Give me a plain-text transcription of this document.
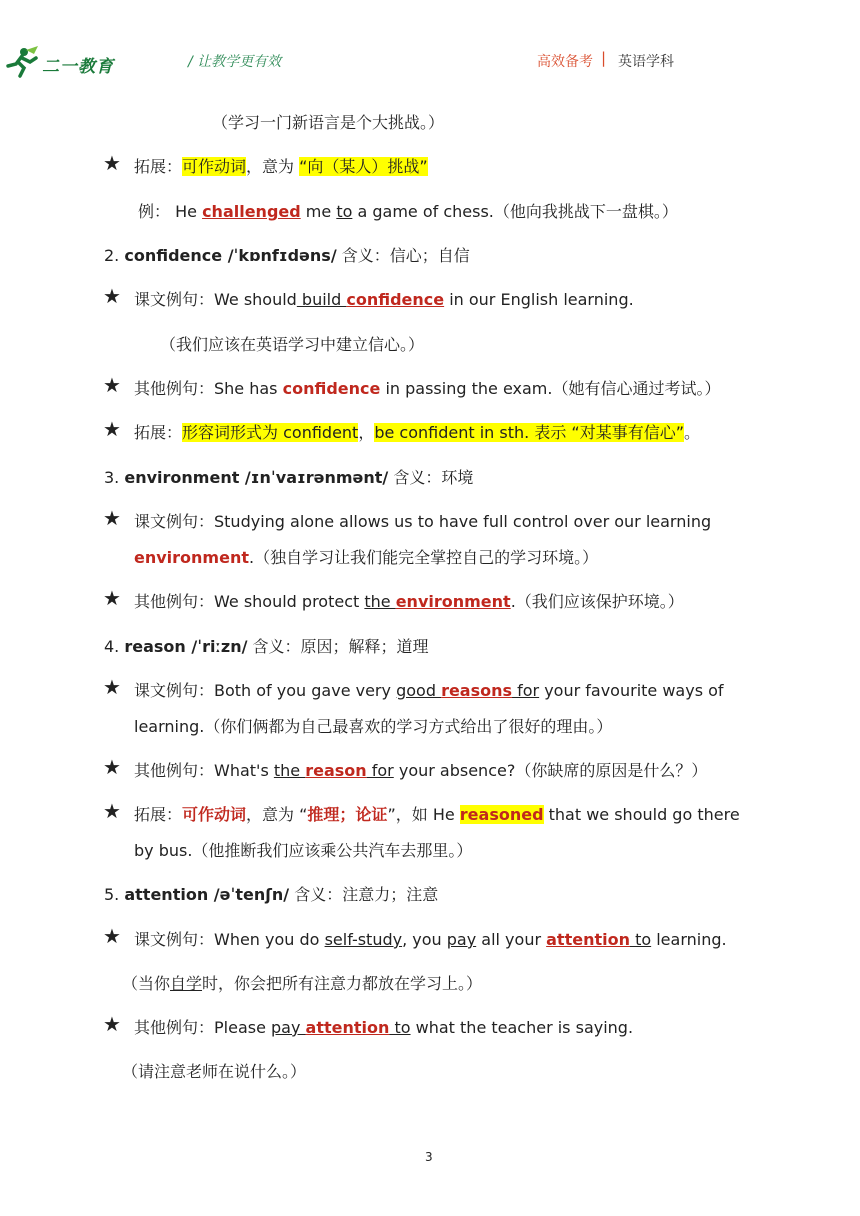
二一教育	/ 让教学更有效	高效备考 | 英语学科
（学习一门新语言是个大挑战。）
★ 拓展：可作动词，意为 “向（某人）挑战”
例： He challenged me to a game of chess.（他向我挑战下一盘棋。）
2. confidence /ˈkɒnfɪdəns/ 含义：信心；自信
★ 课文例句：We should build confidence in our English learning.
（我们应该在英语学习中建立信心。）
★ 其他例句：She has confidence in passing the exam.（她有信心通过考试。）
★ 拓展：形容词形式为 confident，be confident in sth. 表示 “对某事有信心”。
3. environment /ɪnˈvaɪrənmənt/ 含义：环境
★ 课文例句：Studying alone allows us to have full control over our learning
environment.（独自学习让我们能完全掌控自己的学习环境。）
★ 其他例句：We should protect the environment.（我们应该保护环境。）
4. reason /ˈriːzn/ 含义：原因；解释；道理
★ 课文例句：Both of you gave very good reasons for your favourite ways of
learning.（你们俩都为自己最喜欢的学习方式给出了很好的理由。）
★ 其他例句：What's the reason for your absence?（你缺席的原因是什么？）
★ 拓展：可作动词，意为 “推理；论证”，如 He reasoned that we should go there
by bus.（他推断我们应该乘公共汽车去那里。）
5. attention /əˈtenʃn/ 含义：注意力；注意
★ 课文例句：When you do self-study, you pay all your attention to learning.
（当你自学时，你会把所有注意力都放在学习上。）
★ 其他例句：Please pay attention to what the teacher is saying.
（请注意老师在说什么。）
3
